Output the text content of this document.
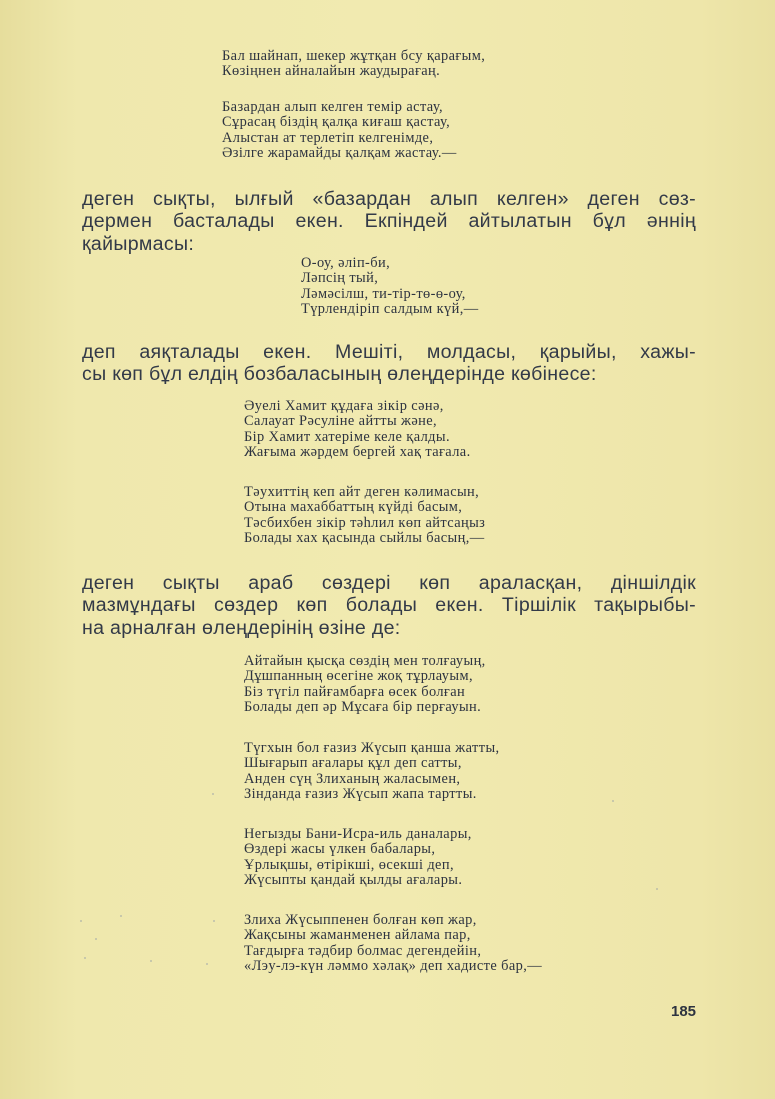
Бал шайнап, шекер жұтқан бсу қарағым,
Көзіңнен айналайын жаудырағаң.
Базардан алып келген темір астау,
Сұрасаң біздің қалқа киғаш қастау,
Алыстан ат терлетіп келгенімде,
Әзілге жарамайды қалқам жастау.—
деген сықты, ылғый «базардан алып келген» деген сөз-
дермен басталады екен. Екпіндей айтылатын бұл әннің
қайырмасы:
О-оу, әліп-би,
Ләпсің тый,
Ләмәсілш, ти-тір-тө-ө-оу,
Түрлендіріп салдым күй,—
деп аяқталады екен. Мешіті, молдасы, қарыйы, хажы-
сы көп бұл елдің бозбаласының өлеңдерінде көбінесе:
Әуелі Хамит құдаға зікір сәнә,
Салауат Рәсуліне айтты және,
Бір Хамит хатеріме келе қалды.
Жағыма жәрдем бергей хақ тағала.
Тәухиттің кеп айт деген кәлимасын,
Отына махаббаттың күйді басым,
Тәсбихбен зікір тәһлил көп айтсаңыз
Болады хах қасында сыйлы басың,—
деген сықты араб сөздері көп араласқан, діншілдік
мазмұндағы сөздер көп болады екен. Тіршілік тақырыбы-
на арналған өлеңдерінің өзіне де:
Айтайын қысқа сөздің мен толғауың,
Дұшпанның өсегіне жоқ тұрлауым,
Біз түгіл пайғамбарға өсек болған
Болады деп әр Мұсаға бір перғауын.
Түгхын бол ғазиз Жүсып қанша жатты,
Шығарып ағалары құл деп сатты,
Анден сүң Злиханың жаласымен,
Зінданда ғазиз Жүсып жапа тартты.
Негызды Бани-Исра-иль даналары,
Өздері жасы үлкен бабалары,
Ұрлықшы, өтірікші, өсекші деп,
Жүсыпты қандай қылды ағалары.
Злиха Жүсыппенен болған көп жар,
Жақсыны жаманменен айлама пар,
Тағдырға тәдбир болмас дегендейін,
«Лэу-лэ-күн ләммо хәлақ» деп хадисте бар,—
185
